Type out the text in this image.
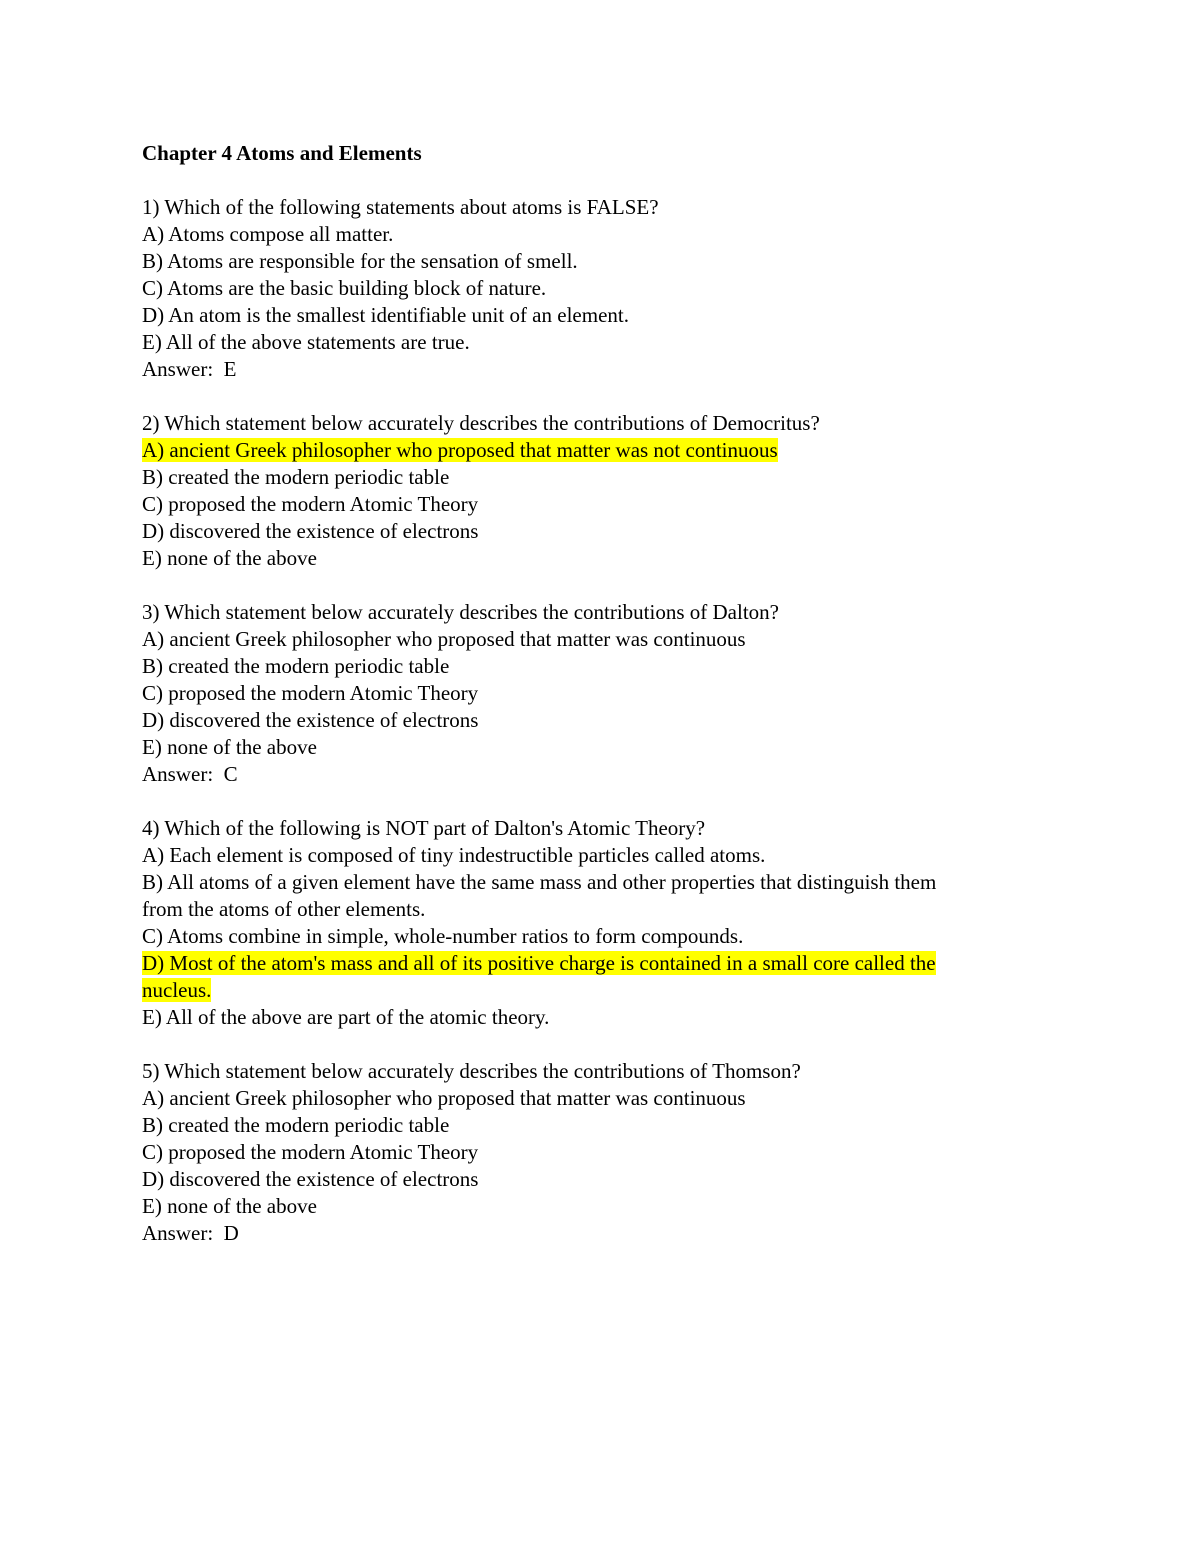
Chapter 4 Atoms and Elements
1) Which of the following statements about atoms is FALSE?
A) Atoms compose all matter.
B) Atoms are responsible for the sensation of smell.
C) Atoms are the basic building block of nature.
D) An atom is the smallest identifiable unit of an element.
E) All of the above statements are true.
Answer:  E
2) Which statement below accurately describes the contributions of Democritus?
A) ancient Greek philosopher who proposed that matter was not continuous
B) created the modern periodic table
C) proposed the modern Atomic Theory
D) discovered the existence of electrons
E) none of the above
3) Which statement below accurately describes the contributions of Dalton?
A) ancient Greek philosopher who proposed that matter was continuous
B) created the modern periodic table
C) proposed the modern Atomic Theory
D) discovered the existence of electrons
E) none of the above
Answer:  C
4) Which of the following is NOT part of Dalton's Atomic Theory?
A) Each element is composed of tiny indestructible particles called atoms.
B) All atoms of a given element have the same mass and other properties that distinguish them
from the atoms of other elements.
C) Atoms combine in simple, whole-number ratios to form compounds.
D) Most of the atom's mass and all of its positive charge is contained in a small core called the
nucleus.
E) All of the above are part of the atomic theory.
5) Which statement below accurately describes the contributions of Thomson?
A) ancient Greek philosopher who proposed that matter was continuous
B) created the modern periodic table
C) proposed the modern Atomic Theory
D) discovered the existence of electrons
E) none of the above
Answer:  D
